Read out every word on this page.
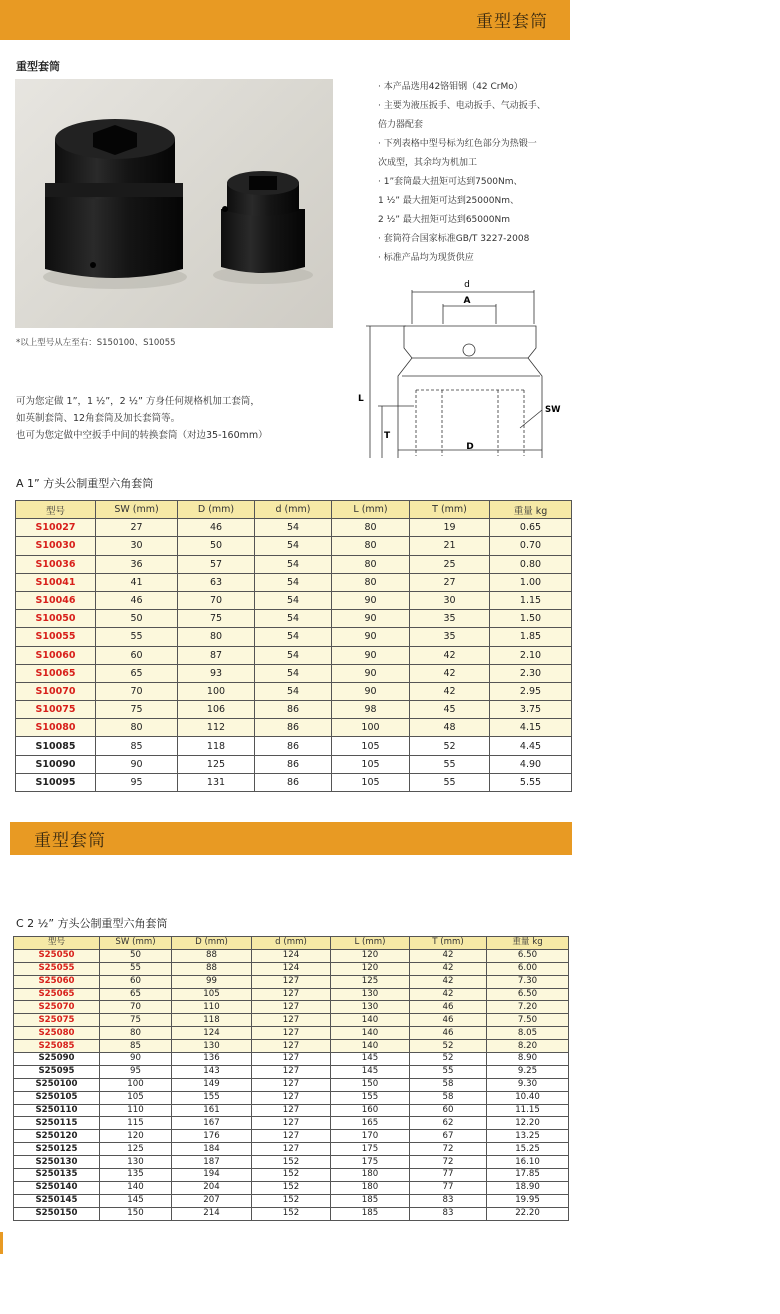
重型套筒
重型套筒
*以上型号从左至右：S150100、S10055
· 本产品选用42铬钼钢（42 CrMo）
· 主要为液压扳手、电动扳手、气动扳手、
倍力器配套
· 下列表格中型号标为红色部分为热锻一
次成型，其余均为机加工
· 1”套筒最大扭矩可达到7500Nm、
1 ½” 最大扭矩可达到25000Nm、
2 ½” 最大扭矩可达到65000Nm
· 套筒符合国家标准GB/T 3227-2008
· 标准产品均为现货供应
d
A
L
T
SW
D
可为您定做 1”，1 ½”，2 ½” 方身任何规格机加工套筒，
如英制套筒、12角套筒及加长套筒等。
也可为您定做中空扳手中间的转换套筒（对边35-160mm）
A 1” 方头公制重型六角套筒
型号	SW (mm)	D (mm)	d (mm)	L (mm)	T (mm)	重量 kg
S10027	27	46	54	80	19	0.65
S10030	30	50	54	80	21	0.70
S10036	36	57	54	80	25	0.80
S10041	41	63	54	80	27	1.00
S10046	46	70	54	90	30	1.15
S10050	50	75	54	90	35	1.50
S10055	55	80	54	90	35	1.85
S10060	60	87	54	90	42	2.10
S10065	65	93	54	90	42	2.30
S10070	70	100	54	90	42	2.95
S10075	75	106	86	98	45	3.75
S10080	80	112	86	100	48	4.15
S10085	85	118	86	105	52	4.45
S10090	90	125	86	105	55	4.90
S10095	95	131	86	105	55	5.55
重型套筒
C 2 ½” 方头公制重型六角套筒
型号	SW (mm)	D (mm)	d (mm)	L (mm)	T (mm)	重量 kg
S25050	50	88	124	120	42	6.50
S25055	55	88	124	120	42	6.00
S25060	60	99	127	125	42	7.30
S25065	65	105	127	130	42	6.50
S25070	70	110	127	130	46	7.20
S25075	75	118	127	140	46	7.50
S25080	80	124	127	140	46	8.05
S25085	85	130	127	140	52	8.20
S25090	90	136	127	145	52	8.90
S25095	95	143	127	145	55	9.25
S250100	100	149	127	150	58	9.30
S250105	105	155	127	155	58	10.40
S250110	110	161	127	160	60	11.15
S250115	115	167	127	165	62	12.20
S250120	120	176	127	170	67	13.25
S250125	125	184	127	175	72	15.25
S250130	130	187	152	175	72	16.10
S250135	135	194	152	180	77	17.85
S250140	140	204	152	180	77	18.90
S250145	145	207	152	185	83	19.95
S250150	150	214	152	185	83	22.20
